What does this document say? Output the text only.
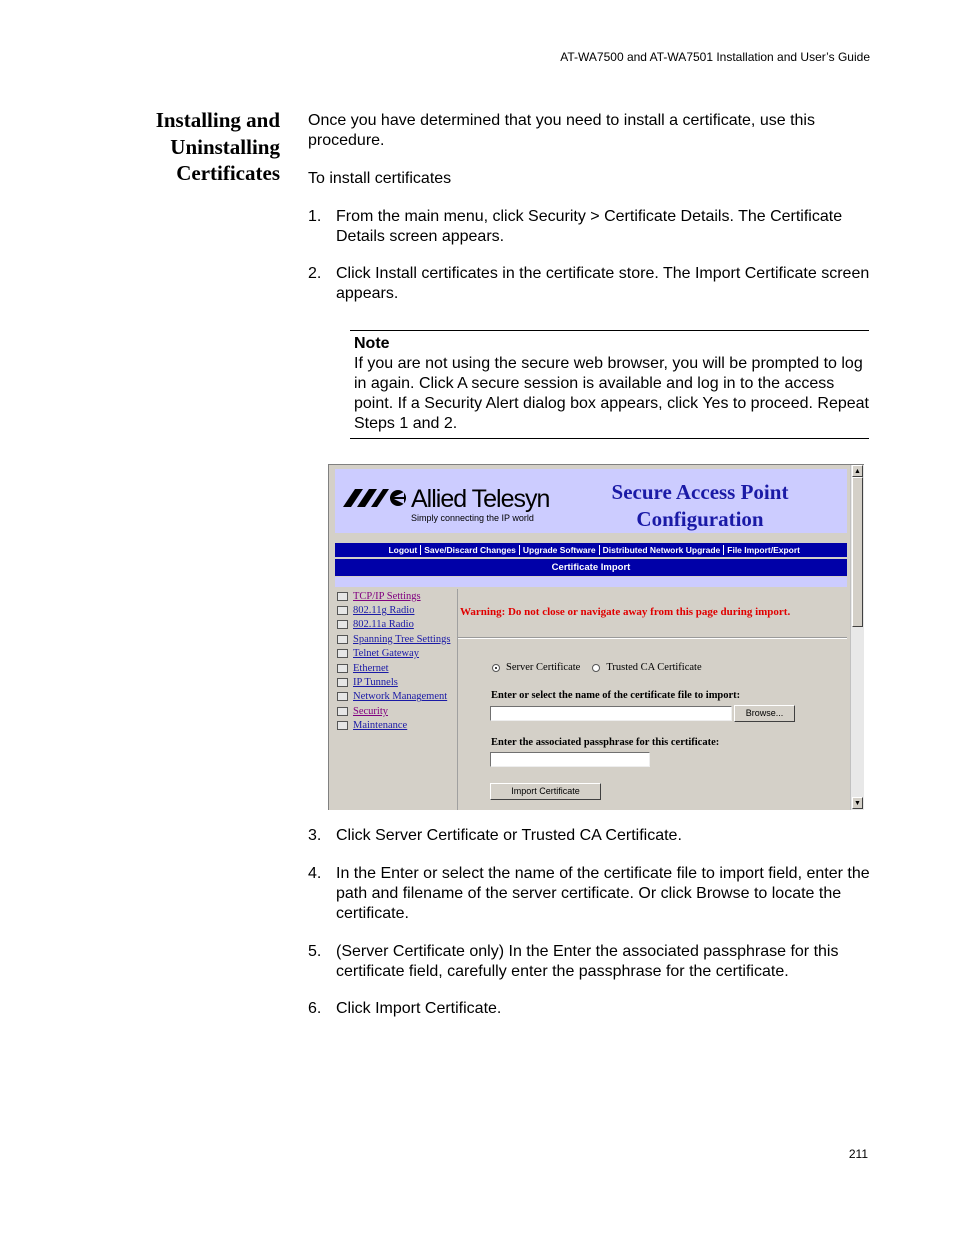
AT-WA7500 and AT-WA7501 Installation and User’s Guide
Installing and
Uninstalling
Certificates

Once you have determined that you need to install a certificate, use this procedure.

To install certificates

1. From the main menu, click Security > Certificate Details. The Certificate Details screen appears.
2. Click Install certificates in the certificate store. The Import Certificate screen appears.
Note
If you are not using the secure web browser, you will be prompted to log in again. Click A secure session is available and log in to the access point. If a Security Alert dialog box appears, click Yes to proceed. Repeat Steps 1 and 2.
Allied Telesyn
Simply connecting the IP world
Secure Access Point
Configuration
Logout Save/Discard Changes Upgrade Software Distributed Network Upgrade File Import/Export
Certificate Import
TCP/IP Settings
802.11g Radio
802.11a Radio
Spanning Tree Settings
Telnet Gateway
Ethernet
IP Tunnels
Network Management
Security
Maintenance
Warning: Do not close or navigate away from this page during import.
Server Certificate Trusted CA Certificate
Enter or select the name of the certificate file to import:
Browse...
Enter the associated passphrase for this certificate:
Import Certificate
▲
▼
3. Click Server Certificate or Trusted CA Certificate.
4. In the Enter or select the name of the certificate file to import field, enter the path and filename of the server certificate. Or click Browse to locate the certificate.
5. (Server Certificate only) In the Enter the associated passphrase for this certificate field, carefully enter the passphrase for the certificate.
6. Click Import Certificate.
211
